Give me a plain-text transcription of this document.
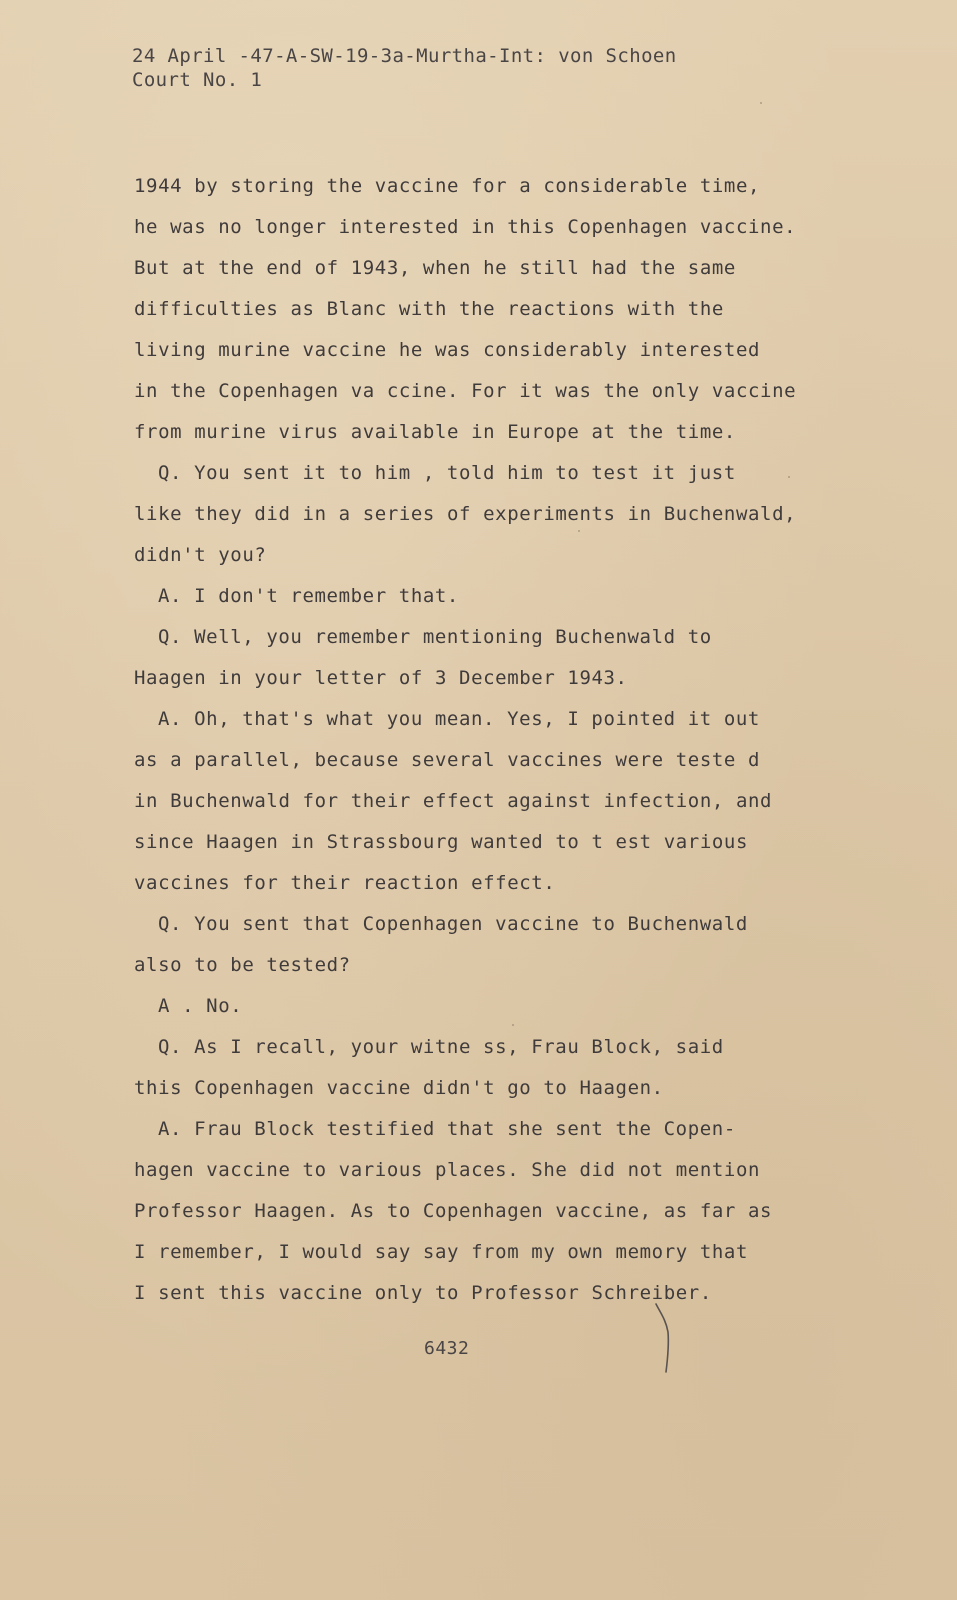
24 April -47-A-SW-19-3a-Murtha-Int: von Schoen
Court No. 1
1944 by storing the vaccine for a considerable time,
he was no longer interested in this Copenhagen vaccine.
But at the end of 1943, when he still had the same
difficulties as Blanc with the reactions with the
living murine vaccine he was considerably interested
in the Copenhagen va ccine. For it was the only vaccine
from murine virus available in Europe at the time.
Q. You sent it to him , told him to test it just
like they did in a series of experiments in Buchenwald,
didn't you?
A. I don't remember that.
Q. Well, you remember mentioning Buchenwald to
Haagen in your letter of 3 December 1943.
A. Oh, that's what you mean. Yes, I pointed it out
as a parallel, because several vaccines were teste d
in Buchenwald for their effect against infection, and
since Haagen in Strassbourg wanted to t est various
vaccines for their reaction effect.
Q. You sent that Copenhagen vaccine to Buchenwald
also to be tested?
A . No.
Q. As I recall, your witne ss, Frau Block, said
this Copenhagen vaccine didn't go to Haagen.
A. Frau Block testified that she sent the Copen-
hagen vaccine to various places. She did not mention
Professor Haagen. As to Copenhagen vaccine, as far as
I remember, I would say say from my own memory that
I sent this vaccine only to Professor Schreiber.
6432
